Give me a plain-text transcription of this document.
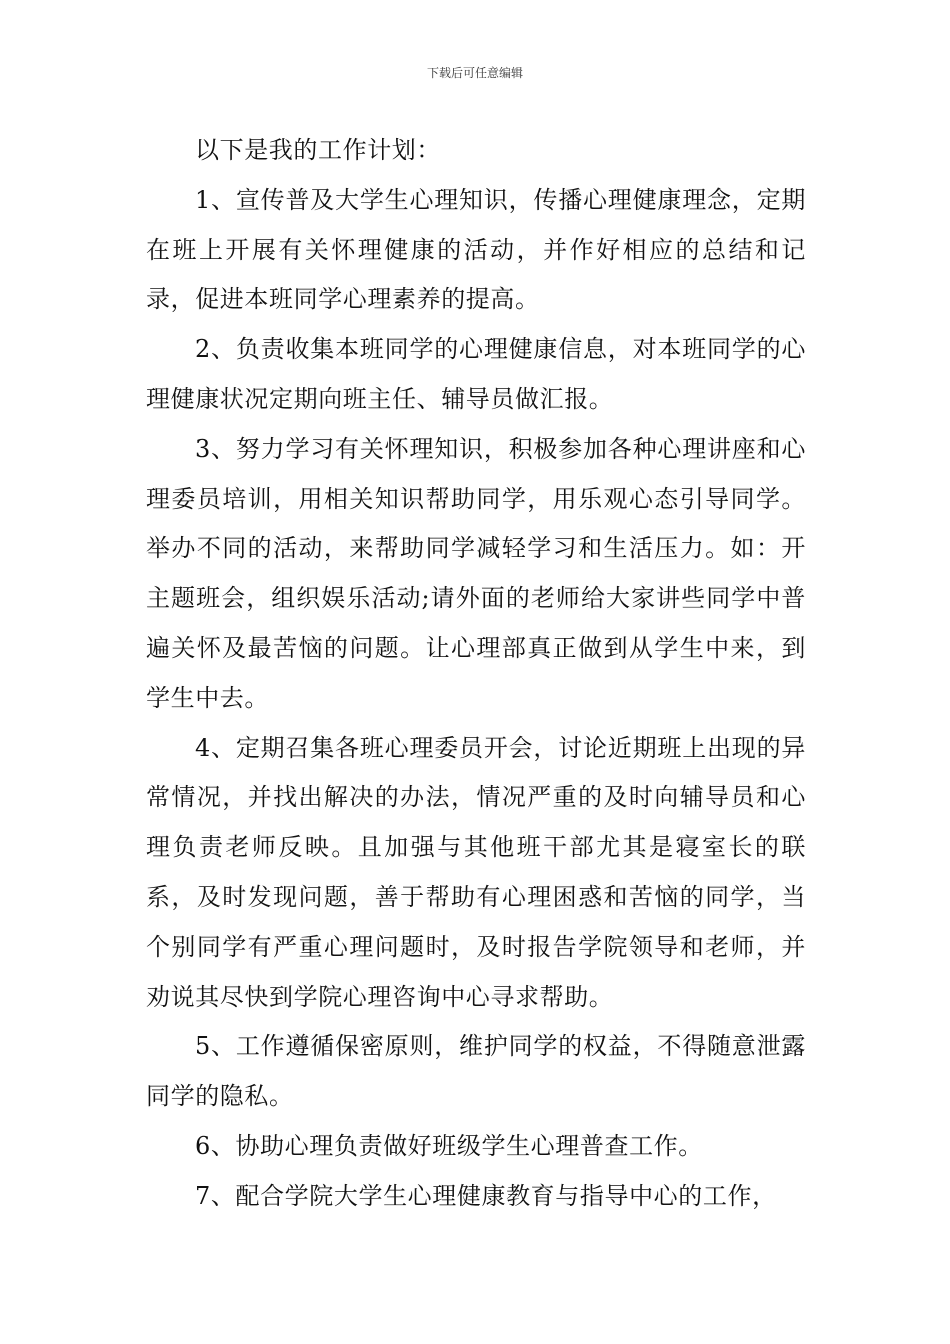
下载后可任意编辑

以下是我的工作计划：

1、宣传普及大学生心理知识，传播心理健康理念，定期在班上开展有关怀理健康的活动，并作好相应的总结和记录，促进本班同学心理素养的提高。

2、负责收集本班同学的心理健康信息，对本班同学的心理健康状况定期向班主任、辅导员做汇报。

3、努力学习有关怀理知识，积极参加各种心理讲座和心理委员培训，用相关知识帮助同学，用乐观心态引导同学。举办不同的活动，来帮助同学减轻学习和生活压力。如：开主题班会，组织娱乐活动;请外面的老师给大家讲些同学中普遍关怀及最苦恼的问题。让心理部真正做到从学生中来，到学生中去。

4、定期召集各班心理委员开会，讨论近期班上出现的异常情况，并找出解决的办法，情况严重的及时向辅导员和心理负责老师反映。且加强与其他班干部尤其是寝室长的联系，及时发现问题，善于帮助有心理困惑和苦恼的同学，当个别同学有严重心理问题时，及时报告学院领导和老师，并劝说其尽快到学院心理咨询中心寻求帮助。

5、工作遵循保密原则，维护同学的权益，不得随意泄露同学的隐私。

6、协助心理负责做好班级学生心理普查工作。

7、配合学院大学生心理健康教育与指导中心的工作，
